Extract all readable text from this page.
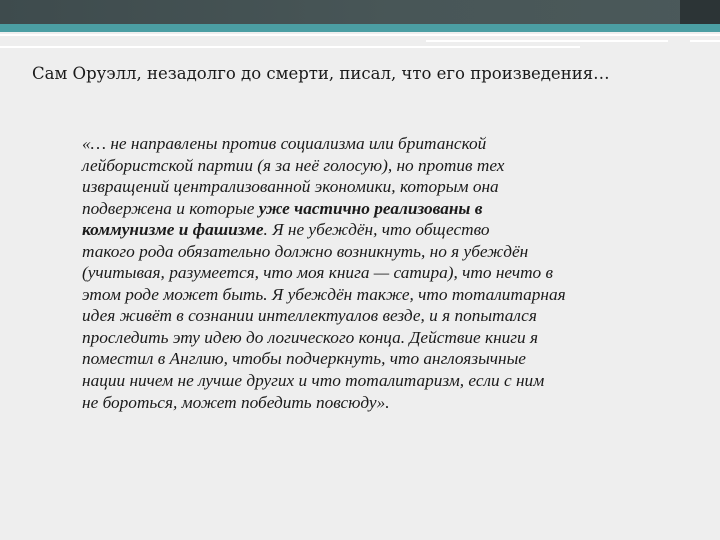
Сам Оруэлл, незадолго до смерти, писал, что его произведения…

«… не направлены против социализма или британской
лейбористской партии (я за неё голосую), но против тех
извращений централизованной экономики, которым она
подвержена и которые уже частично реализованы в
коммунизме и фашизме. Я не убеждён, что общество
такого рода обязательно должно возникнуть, но я убеждён
(учитывая, разумеется, что моя книга — сатира), что нечто в
этом роде может быть. Я убеждён также, что тоталитарная
идея живёт в сознании интеллектуалов везде, и я попытался
проследить эту идею до логического конца. Действие книги я
поместил в Англию, чтобы подчеркнуть, что англоязычные
нации ничем не лучше других и что тоталитаризм, если с ним
не бороться, может победить повсюду».
